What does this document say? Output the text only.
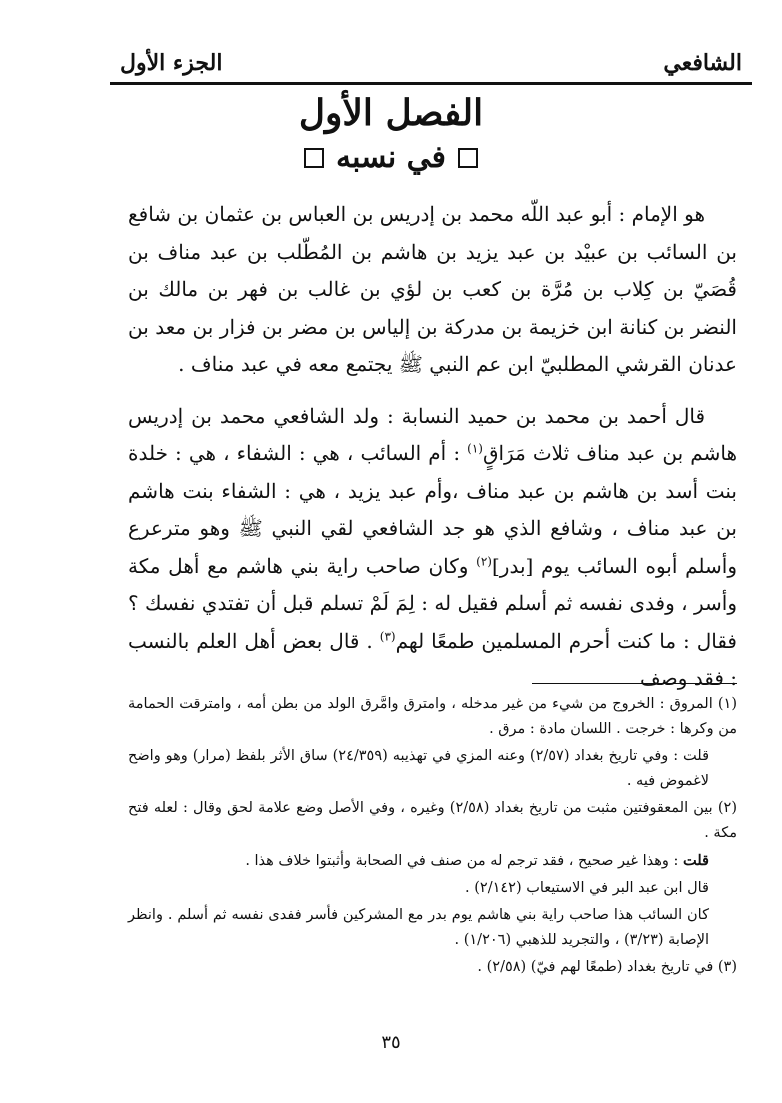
الشافعي
الجزء الأول
الفصل الأول
في نسبه

هو الإمام : أبو عبد اللّه محمد بن إدريس بن العباس بن عثمان بن شافع بن السائب بن عبيْد بن عبد يزيد بن هاشم بن المُطّلب بن عبد مناف بن قُصَيّ بن كِلاب بن مُرَّة بن كعب بن لؤي بن غالب بن فهر بن مالك بن النضر بن كنانة ابن خزيمة بن مدركة بن إلياس بن مضر بن فزار بن معد بن عدنان القرشي المطلبيّ ابن عم النبي ﷺ يجتمع معه في عبد مناف .

قال أحمد بن محمد بن حميد النسابة : ولد الشافعي محمد بن إدريس هاشم بن عبد مناف ثلاث مَرَاقٍ$^{(١)}$ : أم السائب ، هي : الشفاء ، هي : خلدة بنت أسد بن هاشم بن عبد مناف ،وأم عبد يزيد ، هي : الشفاء بنت هاشم بن عبد مناف ، وشافع الذي هو جد الشافعي لقي النبي ﷺ وهو مترعرع وأسلم أبوه السائب يوم [بدر]$^{(٢)}$ وكان صاحب راية بني هاشم مع أهل مكة وأسر ، وفدى نفسه ثم أسلم فقيل له : لِمَ لَمْ تسلم قبل أن تفتدي نفسك ؟ فقال : ما كنت أحرم المسلمين طمعًا لهم$^{(٣)}$ . قال بعض أهل العلم بالنسب : فقد وصف

(١) المروق : الخروج من شيء من غير مدخله ، وامترق وامَّرق الولد من بطن أمه ، وامترقت الحمامة من وكرها : خرجت . اللسان مادة : مرق .

قلت : وفي تاريخ بغداد (٢/٥٧) وعنه المزي في تهذيبه (٢٤/٣٥٩) ساق الأثر بلفظ (مرار) وهو واضح لاغموض فيه .

(٢) بين المعقوفتين مثبت من تاريخ بغداد (٢/٥٨) وغيره ، وفي الأصل وضع علامة لحق وقال : لعله فتح مكة .

قلت : وهذا غير صحيح ، فقد ترجم له من صنف في الصحابة وأثبتوا خلاف هذا .

قال ابن عبد البر في الاستيعاب (٢/١٤٢) .

كان السائب هذا صاحب راية بني هاشم يوم بدر مع المشركين فأسر ففدى نفسه ثم أسلم . وانظر الإصابة (٣/٢٣) ، والتجريد للذهبي (١/٢٠٦) .

(٣) في تاريخ بغداد (طمعًا لهم فيّ) (٢/٥٨) .

٣٥
